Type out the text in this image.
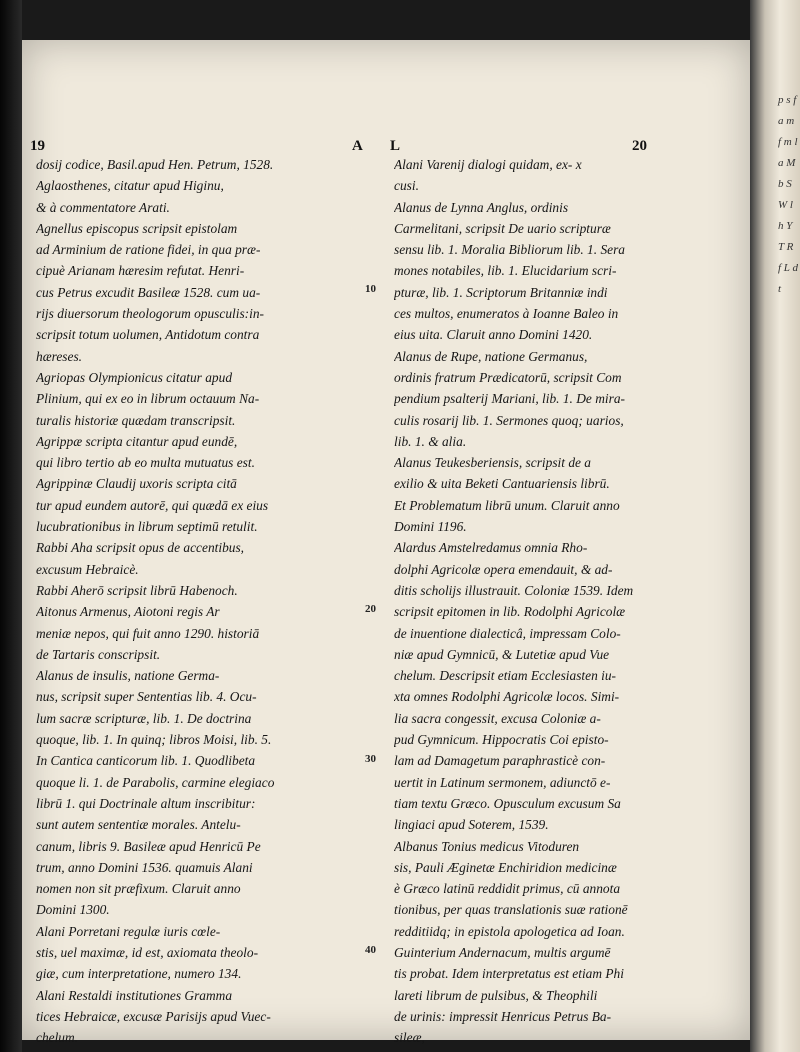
19	A L	20
dosij codice, Basil.apud Hen. Petrum, 1528.
Aglaosthenes, citatur apud Higinu,
& à commentatore Arati.
Agnellus episcopus scripsit epistolam
ad Arminium de ratione fidei, in qua præ-
cipuè Arianam hæresim refutat. Henri-
cus Petrus excudit Basileæ 1528. cum ua-
rijs diuersorum theologorum opusculis:in-
scripsit totum uolumen, Antidotum contra
hæreses.
Agriopas Olympionicus citatur apud
Plinium, qui ex eo in librum octauum Na-
turalis historiæ quædam transcripsit.
Agrippæ scripta citantur apud eundē,
qui libro tertio ab eo multa mutuatus est.
Agrippinæ Claudij uxoris scripta citā
tur apud eundem autorē, qui quædā ex eius
lucubrationibus in librum septimū retulit.
Rabbi Aha scripsit opus de accentibus,
excusum Hebraicè.
Rabbi Aherō scripsit librū Habenoch.
Aitonus Armenus, Aiotoni regis Ar
meniæ nepos, qui fuit anno 1290. historiā
de Tartaris conscripsit.
Alanus de insulis, natione Germa-
nus, scripsit super Sententias lib. 4. Ocu-
lum sacræ scripturæ, lib. 1. De doctrina
quoque, lib. 1. In quinq; libros Moisi, lib. 5.
In Cantica canticorum lib. 1. Quodlibeta
quoque li. 1. de Parabolis, carmine elegiaco
librū 1. qui Doctrinale altum inscribitur:
sunt autem sententiæ morales. Antelu-
canum, libris 9. Basileæ apud Henricū Pe
trum, anno Domini 1536. quamuis Alani
nomen non sit præfixum. Claruit anno
Domini 1300.
Alani Porretani regulæ iuris cœle-
stis, uel maximæ, id est, axiomata theolo-
giæ, cum interpretatione, numero 134.
Alani Restaldi institutiones Gramma
tices Hebraicæ, excusæ Parisijs apud Vuec-
chelum.
Alani Varenij dialogi quidam, ex- x
cusi.
Alanus de Lynna Anglus, ordinis
Carmelitani, scripsit De uario scripturæ
sensu lib. 1. Moralia Bibliorum lib. 1. Sera
mones notabiles, lib. 1. Elucidarium scri-
pturæ, lib. 1. Scriptorum Britanniæ indi
ces multos, enumeratos à Ioanne Baleo in
eius uita. Claruit anno Domini 1420.
Alanus de Rupe, natione Germanus,
ordinis fratrum Prædicatorū, scripsit Com
pendium psalterij Mariani, lib. 1. De mira-
culis rosarij lib. 1. Sermones quoq; uarios,
lib. 1. & alia.
Alanus Teukesberiensis, scripsit de a
exilio & uita Beketi Cantuariensis librū.
Et Problematum librū unum. Claruit anno
Domini 1196.
Alardus Amstelredamus omnia Rho-
dolphi Agricolæ opera emendauit, & ad-
ditis scholijs illustrauit. Coloniæ 1539. Idem
scripsit epitomen in lib. Rodolphi Agricolæ
de inuentione dialecticâ, impressam Colo-
niæ apud Gymnicū, & Lutetiæ apud Vue
chelum. Descripsit etiam Ecclesiasten iu-
xta omnes Rodolphi Agricolæ locos. Simi-
lia sacra congessit, excusa Coloniæ a-
pud Gymnicum. Hippocratis Coi episto-
lam ad Damagetum paraphrasticè con-
uertit in Latinum sermonem, adiunctō e-
tiam textu Græco. Opusculum excusum Sa
lingiaci apud Soterem, 1539.
Albanus Tonius medicus Vitoduren
sis, Pauli Æginetæ Enchiridion medicinæ
è Græco latinū reddidit primus, cū annota
tionibus, per quas translationis suæ rationē
redditiidq; in epistola apologetica ad Ioan.
Guinterium Andernacum, multis argumē
tis probat. Idem interpretatus est etiam Phi
lareti librum de pulsibus, & Theophili
de urinis: impressit Henricus Petrus Ba-
sileæ,
10
20
30
40
p s f a m f m l a M b S W l h Y T R f L d t
